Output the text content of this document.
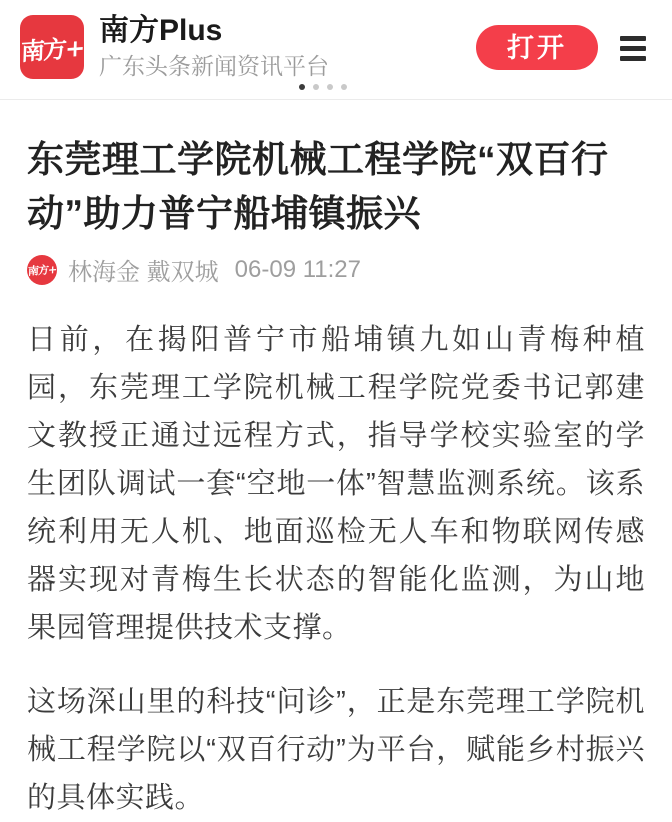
南方+
南方Plus
广东头条新闻资讯平台
打开
东莞理工学院机械工程学院“双百行动”助力普宁船埔镇振兴
南方+ 林海金 戴双城 06-09 11:27

日前，在揭阳普宁市船埔镇九如山青梅种植园，东莞理工学院机械工程学院党委书记郭建文教授正通过远程方式，指导学校实验室的学生团队调试一套“空地一体”智慧监测系统。该系统利用无人机、地面巡检无人车和物联网传感器实现对青梅生长状态的智能化监测，为山地果园管理提供技术支撑。

这场深山里的科技“问诊”，正是东莞理工学院机械工程学院以“双百行动”为平台，赋能乡村振兴的具体实践。
